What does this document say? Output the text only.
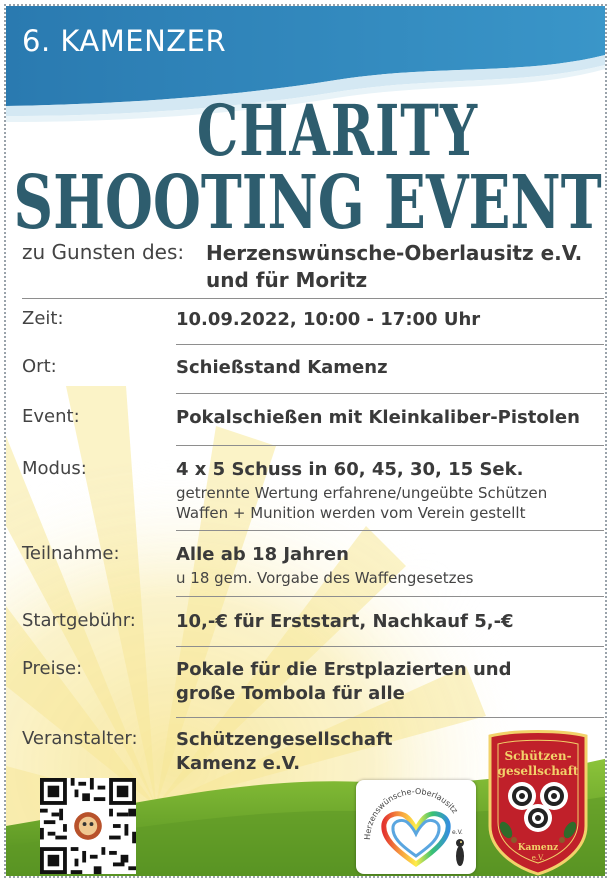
6. KAMENZER
CHARITY
SHOOTING EVENT
zu Gunsten des: Herzenswünsche-Oberlausitz e.V.
und für Moritz
Zeit:	10.09.2022, 10:00 - 17:00 Uhr
Ort:	Schießstand Kamenz
Event:	Pokalschießen mit Kleinkaliber-Pistolen
Modus:	4 x 5 Schuss in 60, 45, 30, 15 Sek.
getrennte Wertung erfahrene/ungeübte Schützen
Waffen + Munition werden vom Verein gestellt
Teilnahme:	Alle ab 18 Jahren
u 18 gem. Vorgabe des Waffengesetzes
Startgebühr: 10,-€ für Erststart, Nachkauf 5,-€
Preise:	Pokale für die Erstplazierten und
große Tombola für alle
Veranstalter: Schützengesellschaft
Kamenz e.V.
Herzenswünsche-Oberlausitz
e.V.
Schützen-
gesellschaft
Kamenz
e.V.
